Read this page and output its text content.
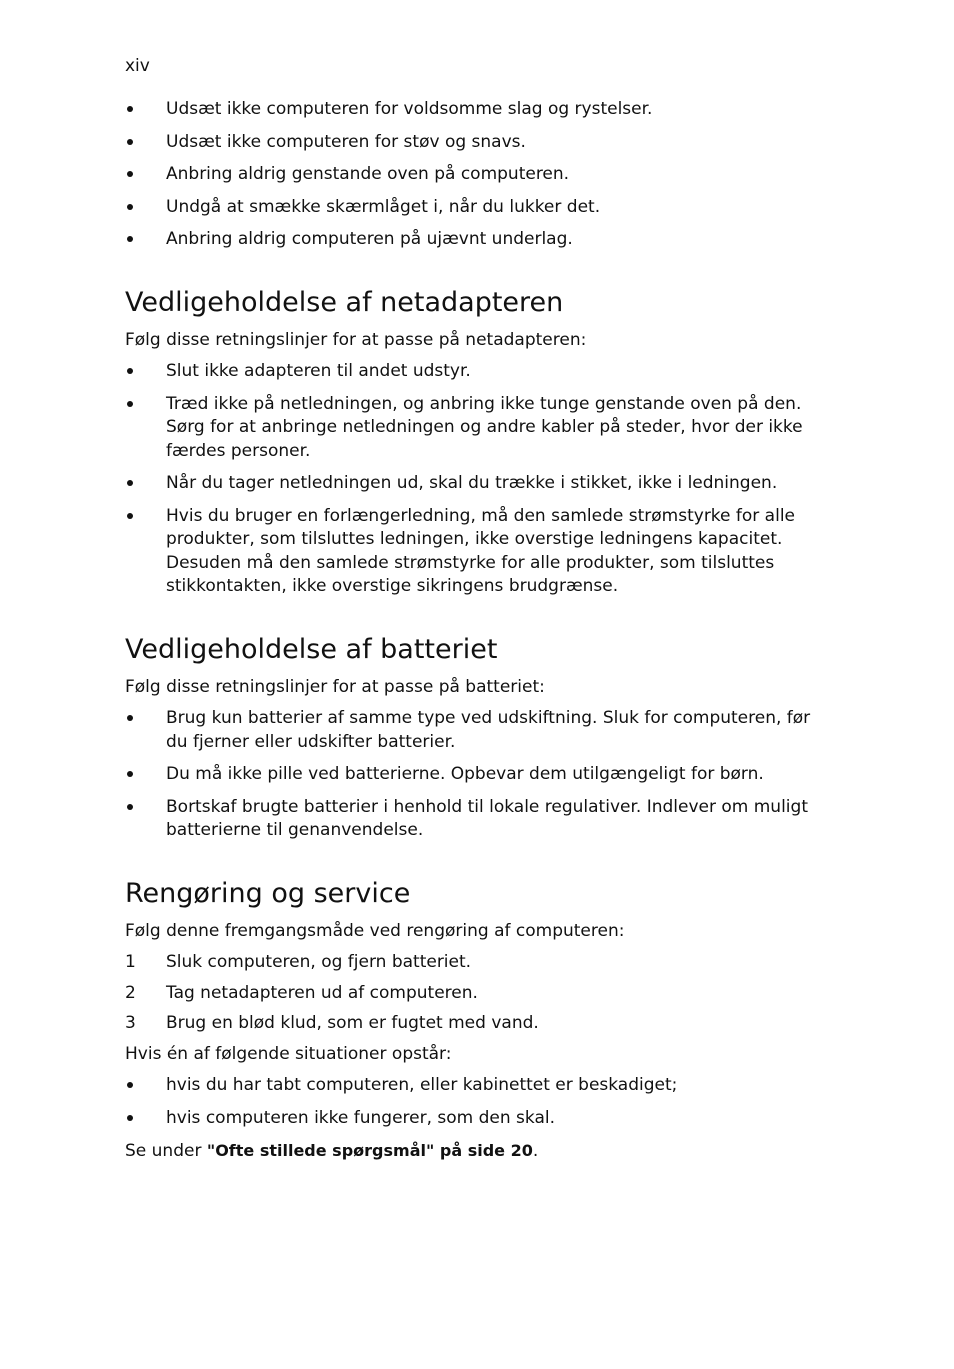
xiv
Udsæt ikke computeren for voldsomme slag og rystelser.
Udsæt ikke computeren for støv og snavs.
Anbring aldrig genstande oven på computeren.
Undgå at smække skærmlåget i, når du lukker det.
Anbring aldrig computeren på ujævnt underlag.
Vedligeholdelse af netadapteren

Følg disse retningslinjer for at passe på netadapteren:

Slut ikke adapteren til andet udstyr.
Træd ikke på netledningen, og anbring ikke tunge genstande oven på den. Sørg for at anbringe netledningen og andre kabler på steder, hvor der ikke færdes personer.
Når du tager netledningen ud, skal du trække i stikket, ikke i ledningen.
Hvis du bruger en forlængerledning, må den samlede strømstyrke for alle produkter, som tilsluttes ledningen, ikke overstige ledningens kapacitet. Desuden må den samlede strømstyrke for alle produkter, som tilsluttes stikkontakten, ikke overstige sikringens brudgrænse.
Vedligeholdelse af batteriet

Følg disse retningslinjer for at passe på batteriet:

Brug kun batterier af samme type ved udskiftning. Sluk for computeren, før du fjerner eller udskifter batterier.
Du må ikke pille ved batterierne. Opbevar dem utilgængeligt for børn.
Bortskaf brugte batterier i henhold til lokale regulativer. Indlever om muligt batterierne til genanvendelse.
Rengøring og service

Følg denne fremgangsmåde ved rengøring af computeren:

1 Sluk computeren, og fjern batteriet.
2 Tag netadapteren ud af computeren.
3 Brug en blød klud, som er fugtet med vand.

Hvis én af følgende situationer opstår:

hvis du har tabt computeren, eller kabinettet er beskadiget;
hvis computeren ikke fungerer, som den skal.

Se under "Ofte stillede spørgsmål" på side 20.
